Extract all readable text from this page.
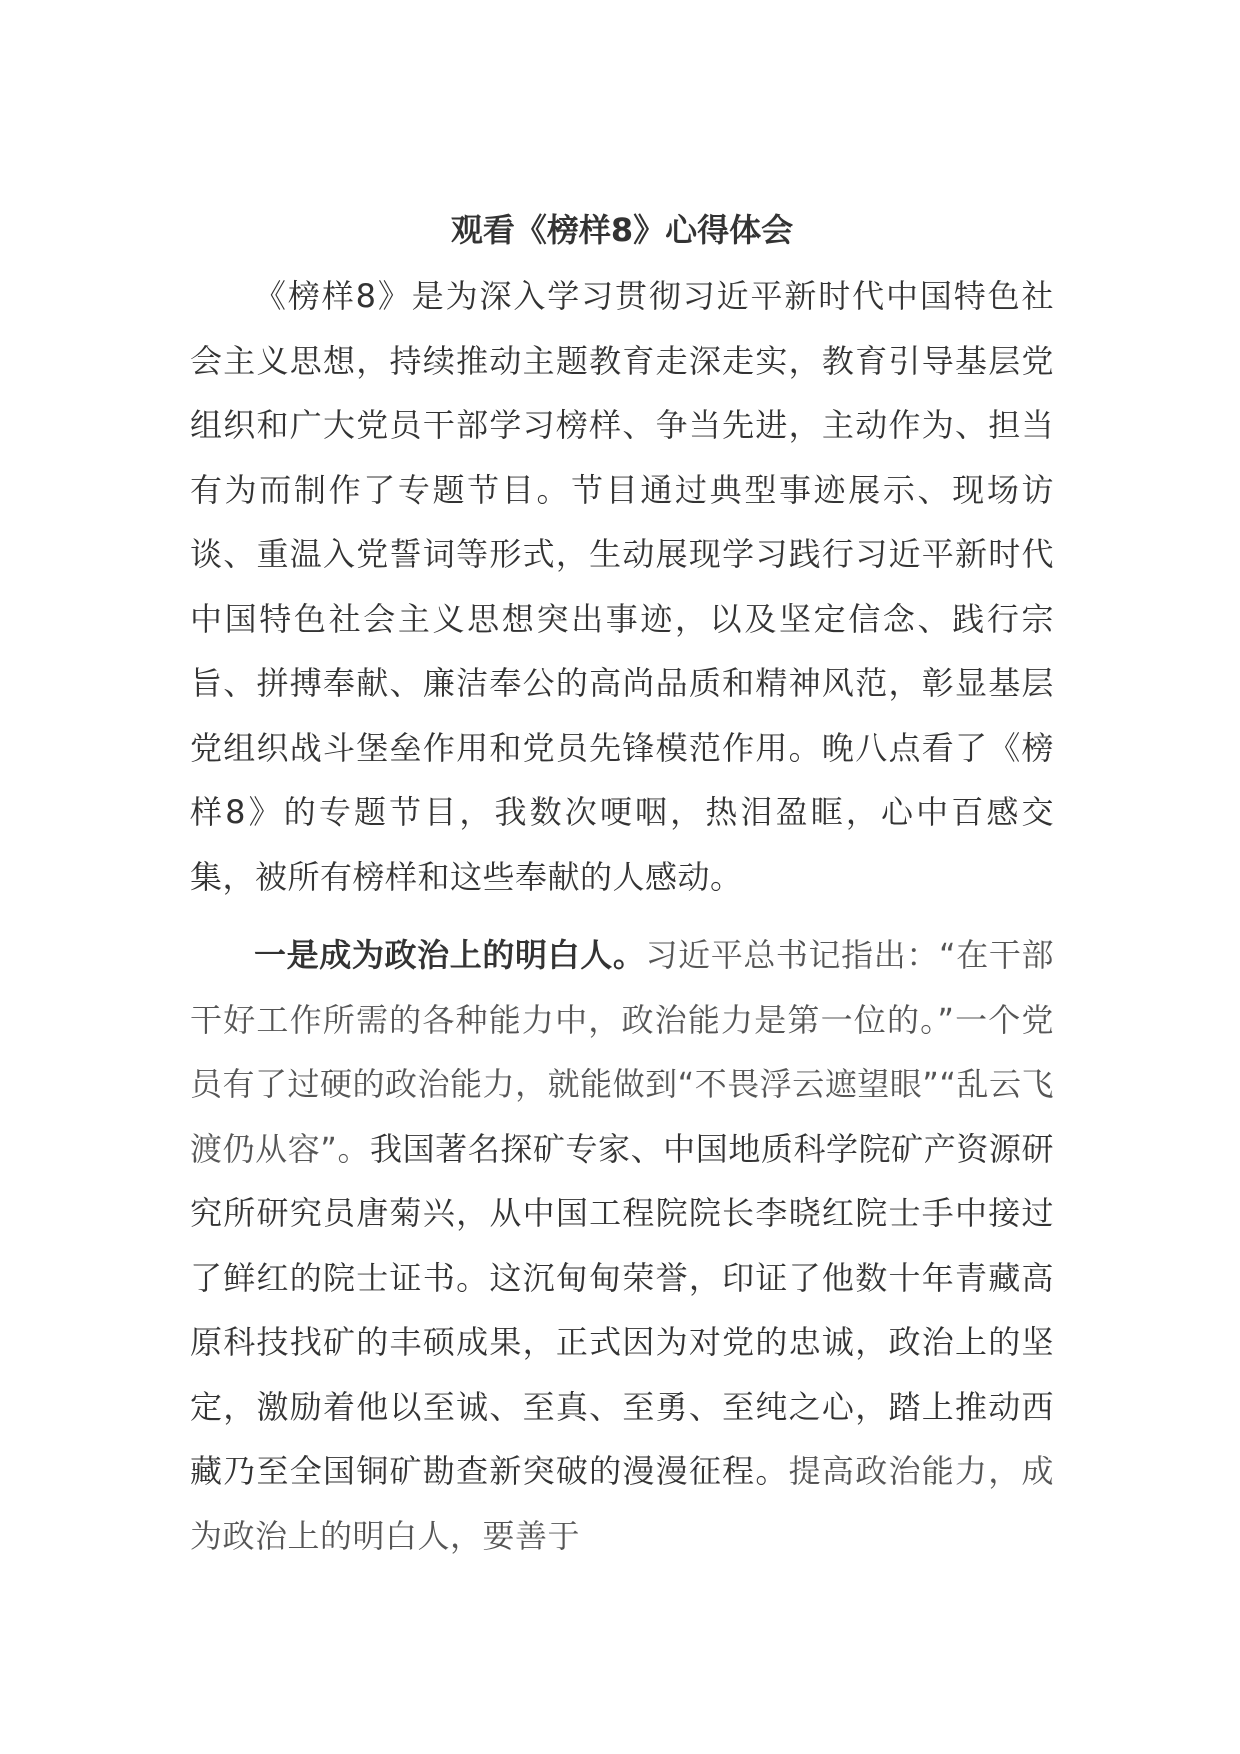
观看《榜样8》心得体会

《榜样8》是为深入学习贯彻习近平新时代中国特色社会主义思想，持续推动主题教育走深走实，教育引导基层党组织和广大党员干部学习榜样、争当先进，主动作为、担当有为而制作了专题节目。节目通过典型事迹展示、现场访谈、重温入党誓词等形式，生动展现学习践行习近平新时代中国特色社会主义思想突出事迹，以及坚定信念、践行宗旨、拼搏奉献、廉洁奉公的高尚品质和精神风范，彰显基层党组织战斗堡垒作用和党员先锋模范作用。晚八点看了《榜样8》的专题节目，我数次哽咽，热泪盈眶，心中百感交集，被所有榜样和这些奉献的人感动。

一是成为政治上的明白人。习近平总书记指出：“在干部干好工作所需的各种能力中，政治能力是第一位的。”一个党员有了过硬的政治能力，就能做到“不畏浮云遮望眼”“乱云飞渡仍从容”。我国著名探矿专家、中国地质科学院矿产资源研究所研究员唐菊兴，从中国工程院院长李晓红院士手中接过了鲜红的院士证书。这沉甸甸荣誉，印证了他数十年青藏高原科技找矿的丰硕成果，正式因为对党的忠诚，政治上的坚定，激励着他以至诚、至真、至勇、至纯之心，踏上推动西藏乃至全国铜矿勘查新突破的漫漫征程。提高政治能力，成为政治上的明白人，要善于
